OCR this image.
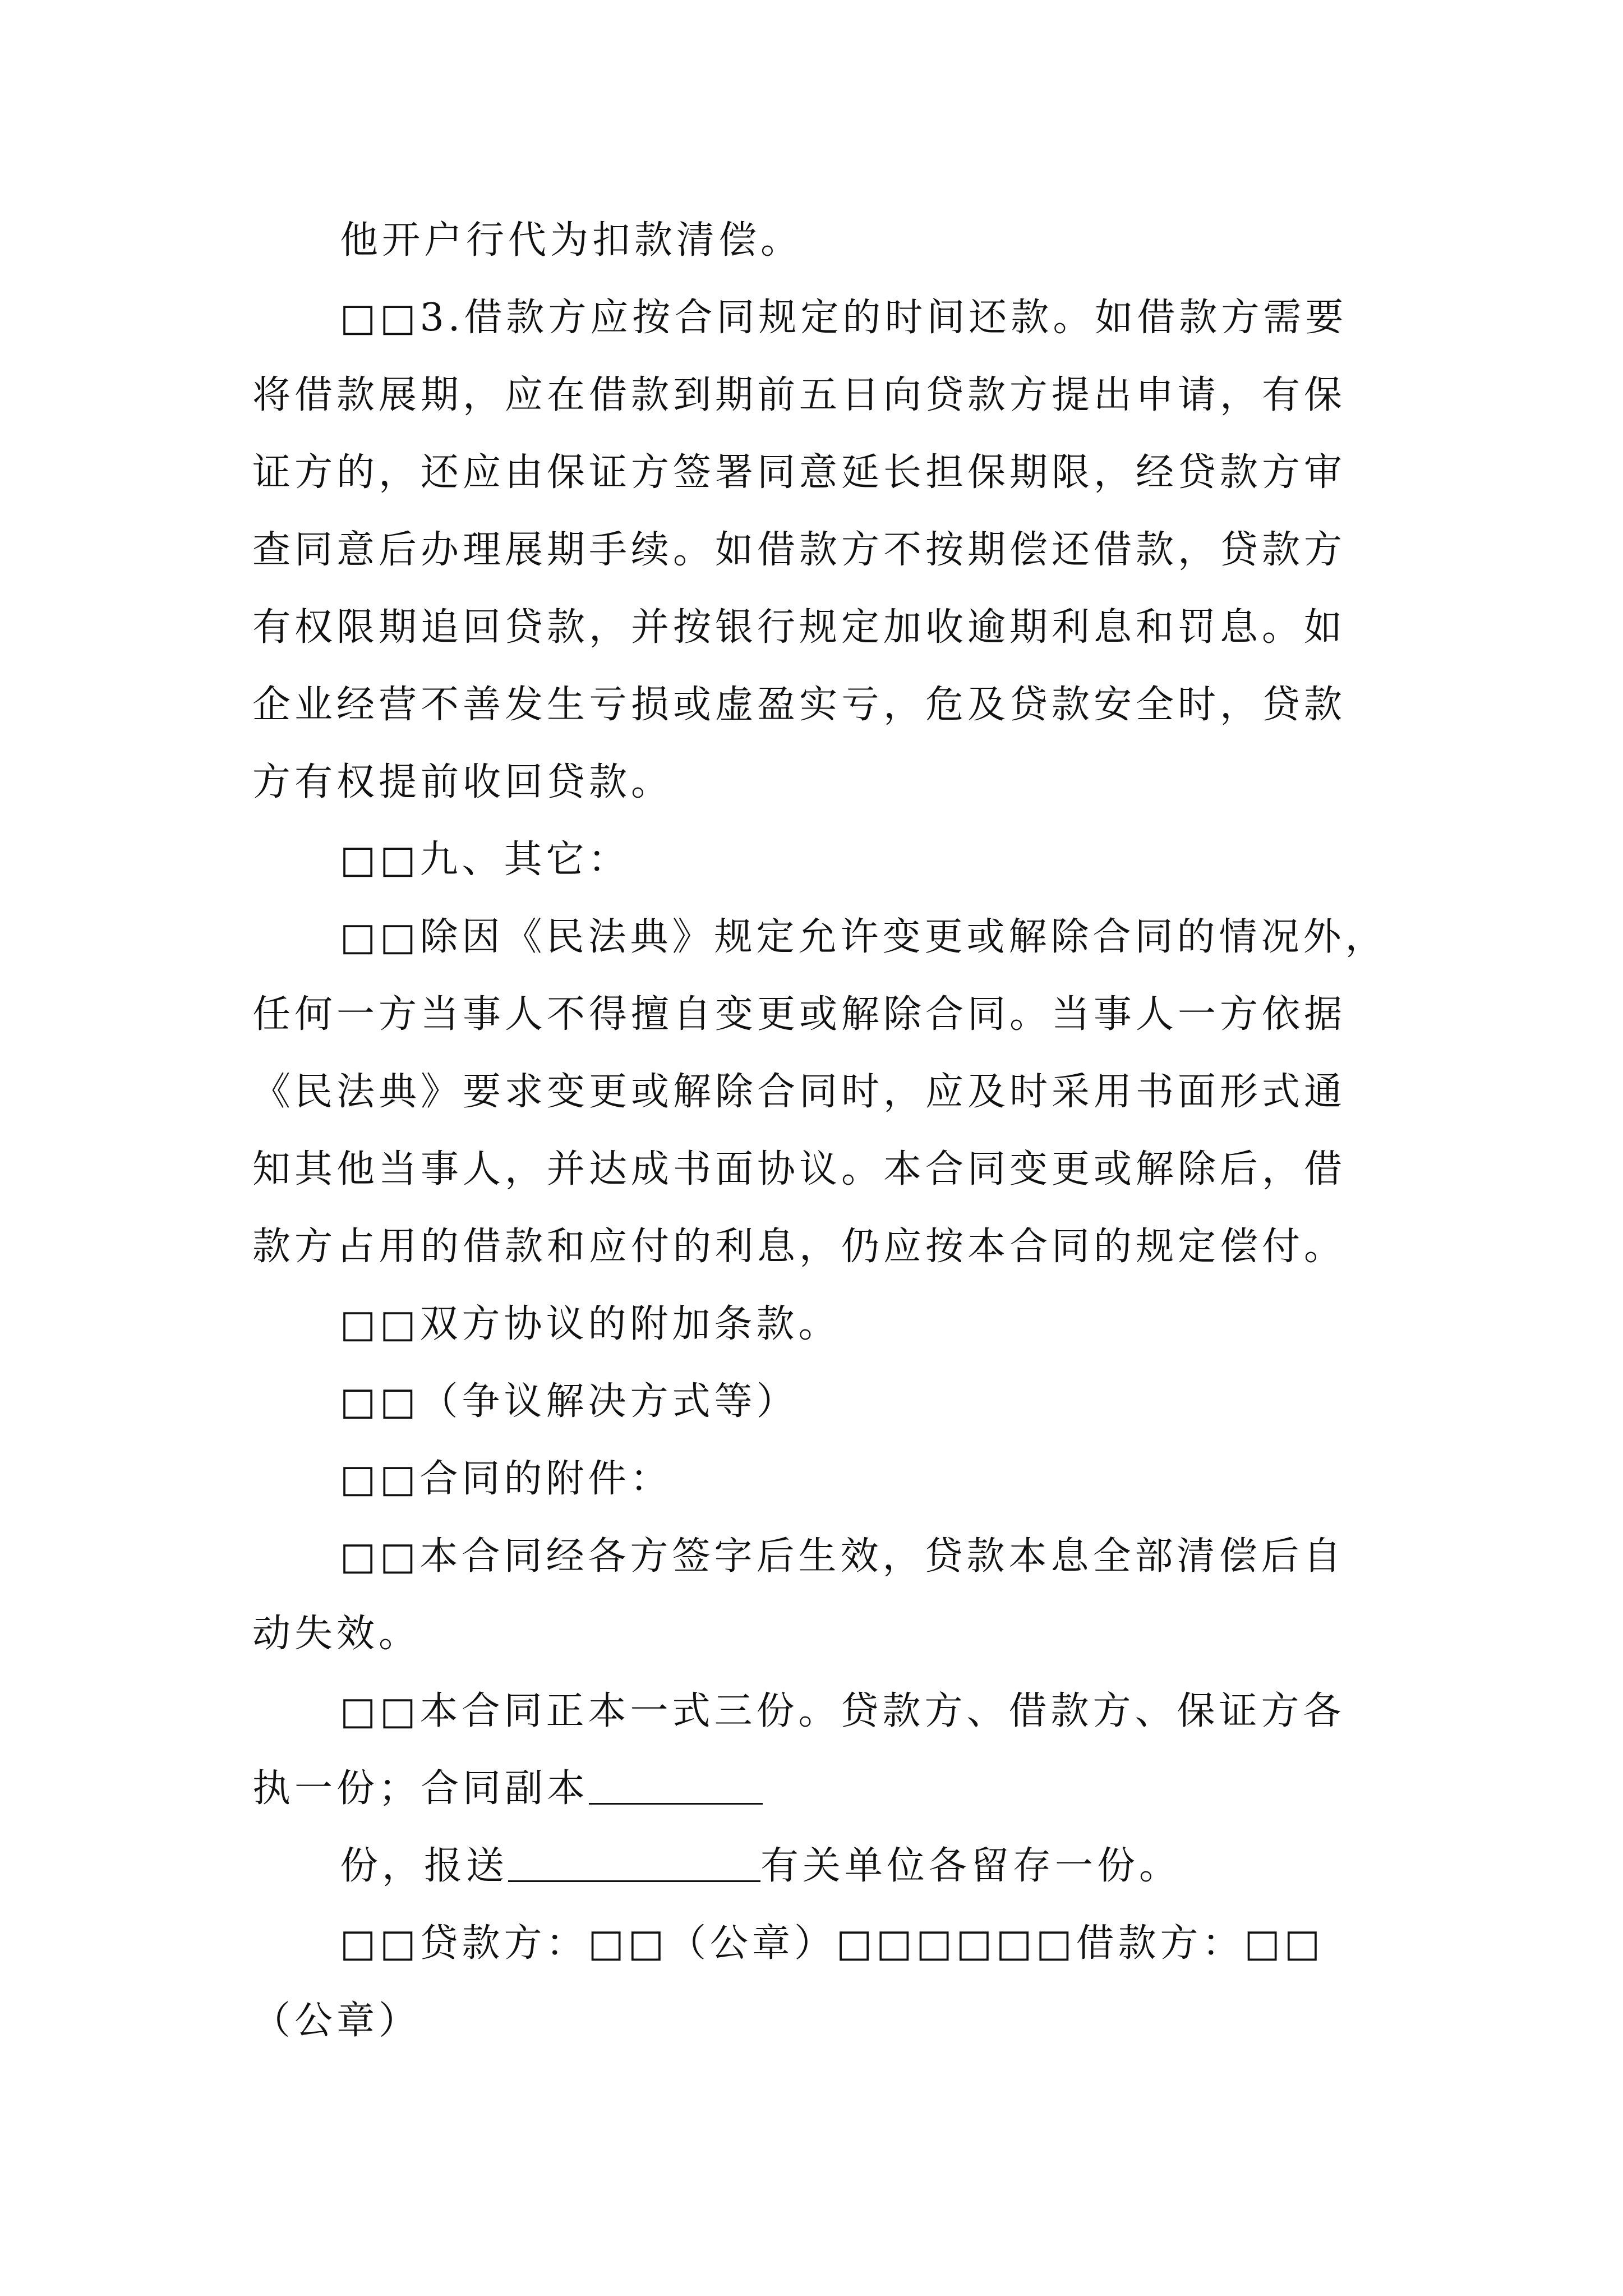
他开户行代为扣款清偿。
□□3.借款方应按合同规定的时间还款。如借款方需要
将借款展期，应在借款到期前五日向贷款方提出申请，有保
证方的，还应由保证方签署同意延长担保期限，经贷款方审
查同意后办理展期手续。如借款方不按期偿还借款，贷款方
有权限期追回贷款，并按银行规定加收逾期利息和罚息。如
企业经营不善发生亏损或虚盈实亏，危及贷款安全时，贷款
方有权提前收回贷款。
□□九、其它：
□□除因《民法典》规定允许变更或解除合同的情况外，
任何一方当事人不得擅自变更或解除合同。当事人一方依据
《民法典》要求变更或解除合同时，应及时采用书面形式通
知其他当事人，并达成书面协议。本合同变更或解除后，借
款方占用的借款和应付的利息，仍应按本合同的规定偿付。
□□双方协议的附加条款。
□□（争议解决方式等）
□□合同的附件：
□□本合同经各方签字后生效，贷款本息全部清偿后自
动失效。
□□本合同正本一式三份。贷款方、借款方、保证方各
执一份；合同副本
份，报送	有关单位各留存一份。
□□贷款方：□□（公章）□□□□□□借款方：□□
（公章）
